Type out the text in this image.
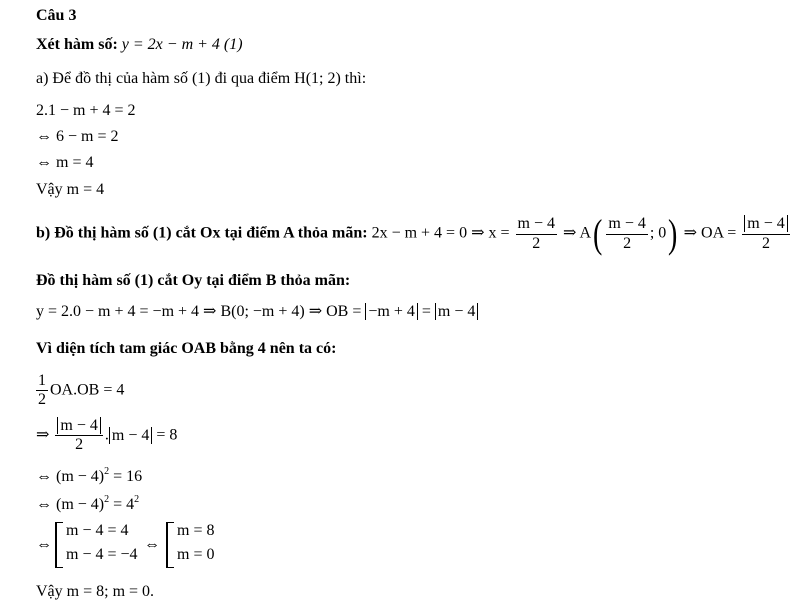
Câu 3
Xét hàm số: y = 2x − m + 4 (1)
a) Để đồ thị của hàm số (1) đi qua điểm H(1; 2) thì:
2.1 − m + 4 = 2
⇔ 6 − m = 2
⇔ m = 4
Vậy m = 4
b) Đồ thị hàm số (1) cắt Ox tại điểm A thỏa mãn: 2x − m + 4 = 0 ⇒ $x = \frac{m - 4}{2}$ ⇒ $A( \frac{m - 4}{2}$ ; 0) ⇒ OA = $\frac{m - 4}{2}$
Đồ thị hàm số (1) cắt Oy tại điểm B thỏa mãn:
y = 2.0 − m + 4 = −m + 4 ⇒ B(0; −m + 4) ⇒ OB = −m + 4 = m − 4
Vì diện tích tam giác OAB bằng 4 nên ta có:
$\frac{1}{2} OA.OB = 4$
⇒ $\frac{m - 4}{2}$ . m − 4 = 8
⇔ $(m - 4)^2 = 16$
⇔ $(m - 4)^2 = 4^2$
⇔
m − 4 = 4
m − 4 = −4
⇔
m = 8
m = 0
Vậy m = 8; m = 0.
